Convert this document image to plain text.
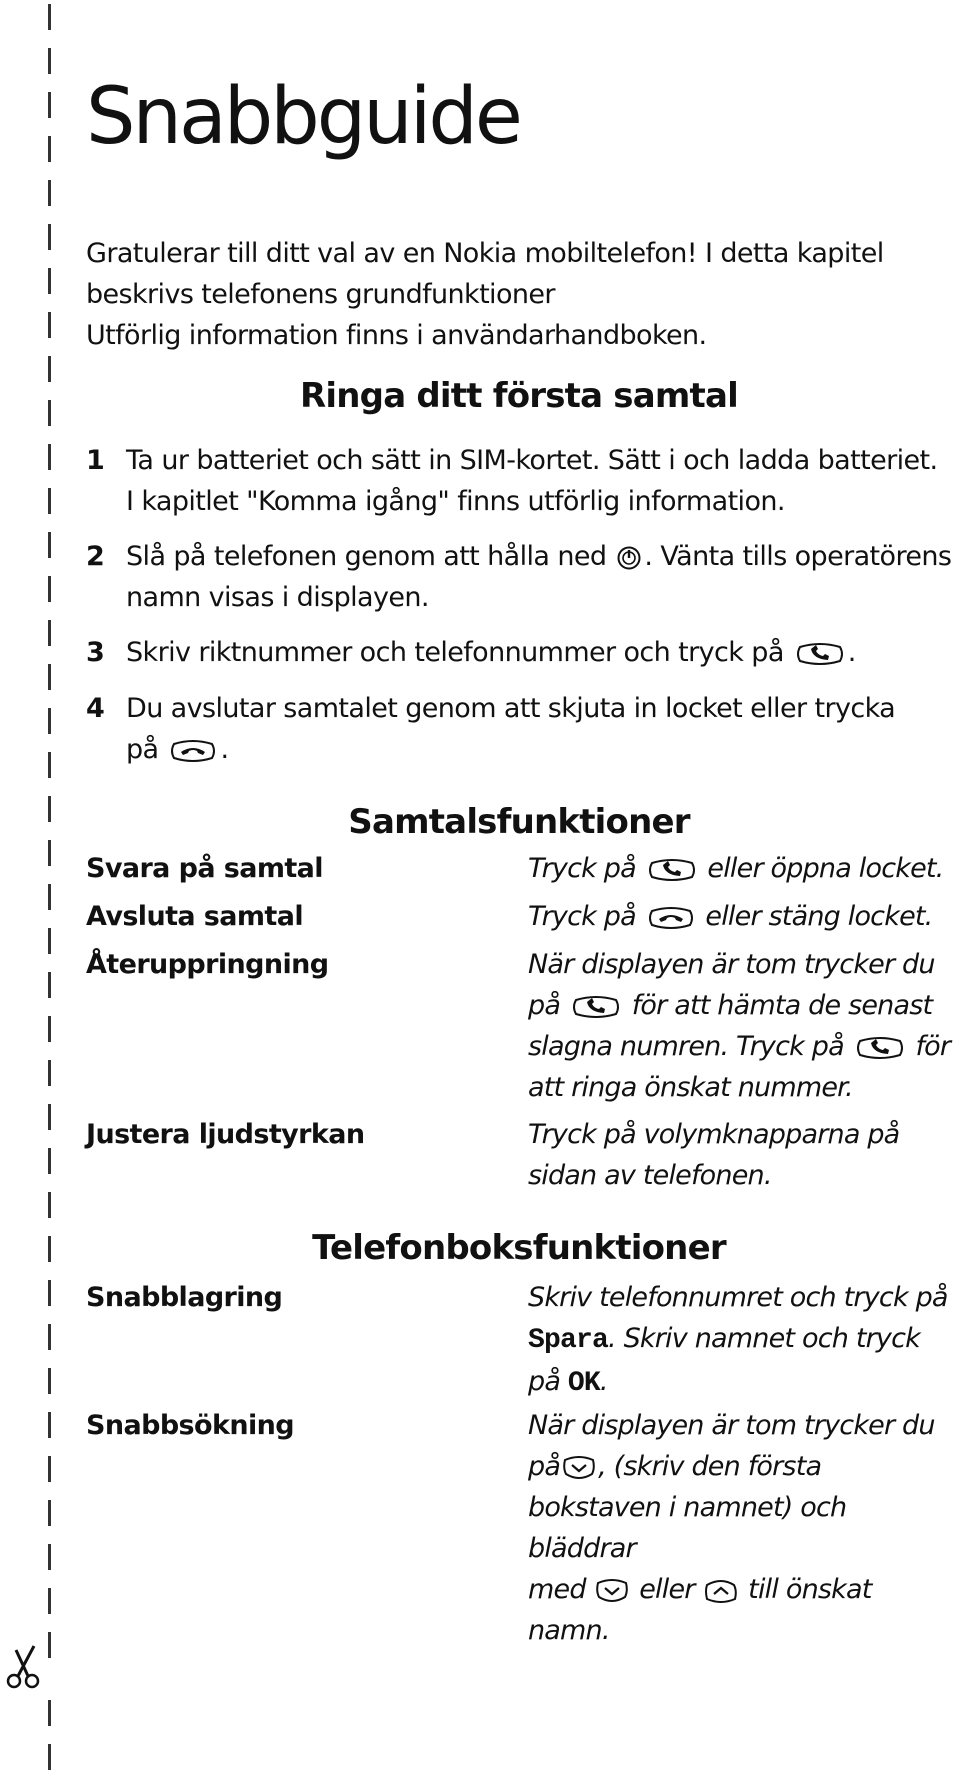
Snabbguide

Gratulerar till ditt val av en Nokia mobiltelefon! I detta kapitel

beskrivs telefonens grundfunktioner

Utförlig information finns i användarhandboken.

Ringa ditt första samtal
1 Ta ur batteriet och sätt in SIM-kortet. Sätt i och ladda batteriet.
I kapitlet "Komma igång" finns utförlig information.
2 Slå på telefonen genom att hålla ned . Vänta tills operatörens
namn visas i displayen.
3 Skriv riktnummer och telefonnummer och tryck på .
4 Du avslutar samtalet genom att skjuta in locket eller trycka
på .
Samtalsfunktioner
Svara på samtal	Tryck på	eller öppna locket.
Avsluta samtal	Tryck på	eller stäng locket.
Återuppringning	När displayen är tom trycker du
på	för att hämta de senast
slagna numren. Tryck på	för
att ringa önskat nummer.
Justera ljudstyrkan	Tryck på volymknapparna på
sidan av telefonen.
Telefonboksfunktioner
Snabblagring	Skriv telefonnumret och tryck på
Spara. Skriv namnet och tryck
på OK.
Snabbsökning	När displayen är tom trycker du
på , (skriv den första
bokstaven i namnet) och bläddrar
med eller till önskat
namn.
